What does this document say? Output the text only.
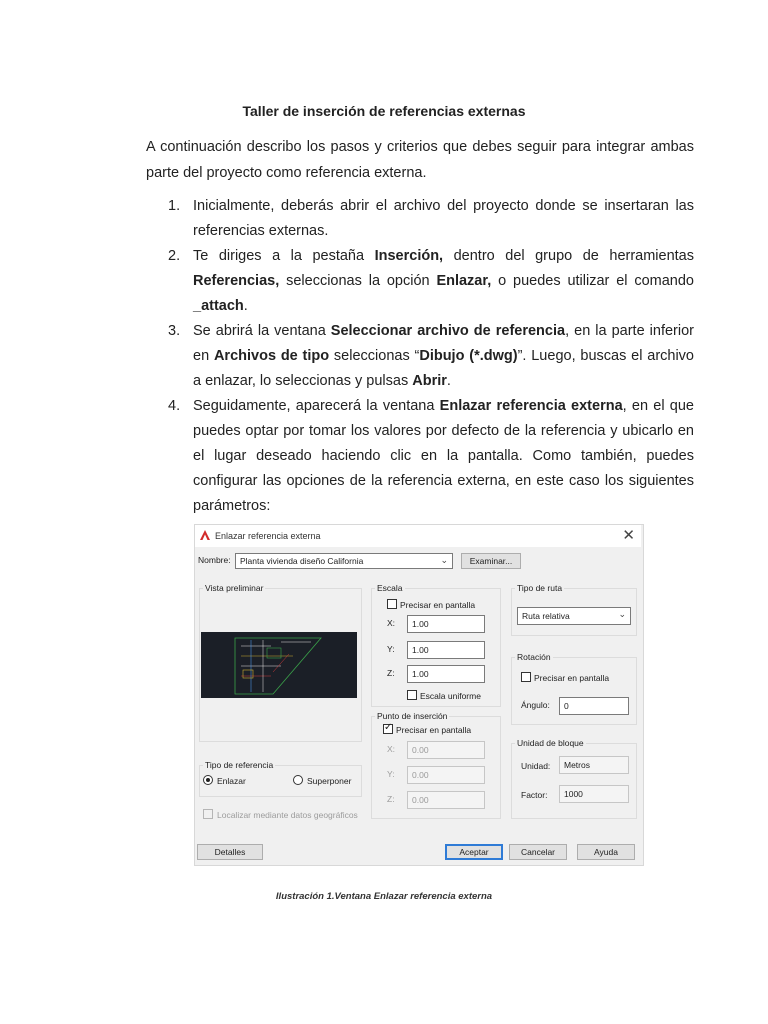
Taller de inserción de referencias externas
A continuación describo los pasos y criterios que debes seguir para integrar ambas parte del proyecto como referencia externa.
1. Inicialmente, deberás abrir el archivo del proyecto donde se insertaran las referencias externas.
2. Te diriges a la pestaña Inserción, dentro del grupo de herramientas Referencias, seleccionas la opción Enlazar, o puedes utilizar el comando _attach.
3. Se abrirá la ventana Seleccionar archivo de referencia, en la parte inferior en Archivos de tipo seleccionas “Dibujo (*.dwg)”. Luego, buscas el archivo a enlazar, lo seleccionas y pulsas Abrir.
4. Seguidamente, aparecerá la ventana Enlazar referencia externa, en el que puedes optar por tomar los valores por defecto de la referencia y ubicarlo en el lugar deseado haciendo clic en la pantalla. Como también, puedes configurar las opciones de la referencia externa, en este caso los siguientes parámetros:
Enlazar referencia externa	✕
Nombre:	Planta vivienda diseño California	⌄	Examinar...
Vista preliminar
Tipo de referencia
Enlazar	Superponer
Localizar mediante datos geográficos
Escala
Precisar en pantalla
X:	1.00
Y:	1.00
Z:	1.00
Escala uniforme
Punto de inserción
✓
Precisar en pantalla
X:	0.00
Y:	0.00
Z:	0.00
Tipo de ruta
Ruta relativa	⌄
Rotación
Precisar en pantalla
Ángulo:	0
Unidad de bloque
Unidad:	Metros
Factor:	1000
Detalles	Aceptar	Cancelar	Ayuda
Ilustración 1.Ventana Enlazar referencia externa
